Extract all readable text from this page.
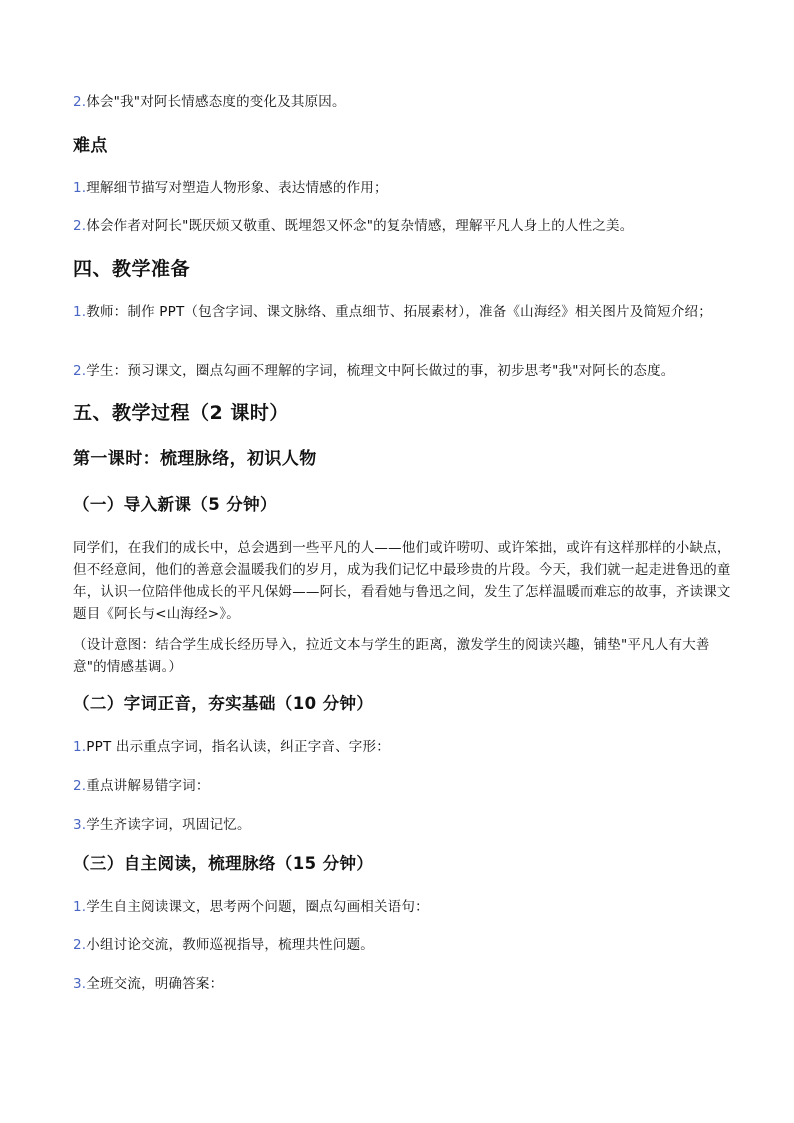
2.体会"我"对阿长情感态度的变化及其原因。
难点
1.理解细节描写对塑造人物形象、表达情感的作用；
2.体会作者对阿长"既厌烦又敬重、既埋怨又怀念"的复杂情感，理解平凡人身上的人性之美。
四、教学准备
1.教师：制作 PPT（包含字词、课文脉络、重点细节、拓展素材），准备《山海经》相关图片及简短介绍；
2.学生：预习课文，圈点勾画不理解的字词，梳理文中阿长做过的事，初步思考"我"对阿长的态度。
五、教学过程（2 课时）
第一课时：梳理脉络，初识人物
（一）导入新课（5 分钟）
同学们，在我们的成长中，总会遇到一些平凡的人——他们或许唠叨、或许笨拙，或许有这样那样的小缺点，但不经意间，他们的善意会温暖我们的岁月，成为我们记忆中最珍贵的片段。今天，我们就一起走进鲁迅的童年，认识一位陪伴他成长的平凡保姆——阿长，看看她与鲁迅之间，发生了怎样温暖而难忘的故事，齐读课文题目《阿长与<山海经>》。
（设计意图：结合学生成长经历导入，拉近文本与学生的距离，激发学生的阅读兴趣，铺垫"平凡人有大善意"的情感基调。）
（二）字词正音，夯实基础（10 分钟）
1.PPT 出示重点字词，指名认读，纠正字音、字形：
2.重点讲解易错字词：
3.学生齐读字词，巩固记忆。
（三）自主阅读，梳理脉络（15 分钟）
1.学生自主阅读课文，思考两个问题，圈点勾画相关语句：
2.小组讨论交流，教师巡视指导，梳理共性问题。
3.全班交流，明确答案：
